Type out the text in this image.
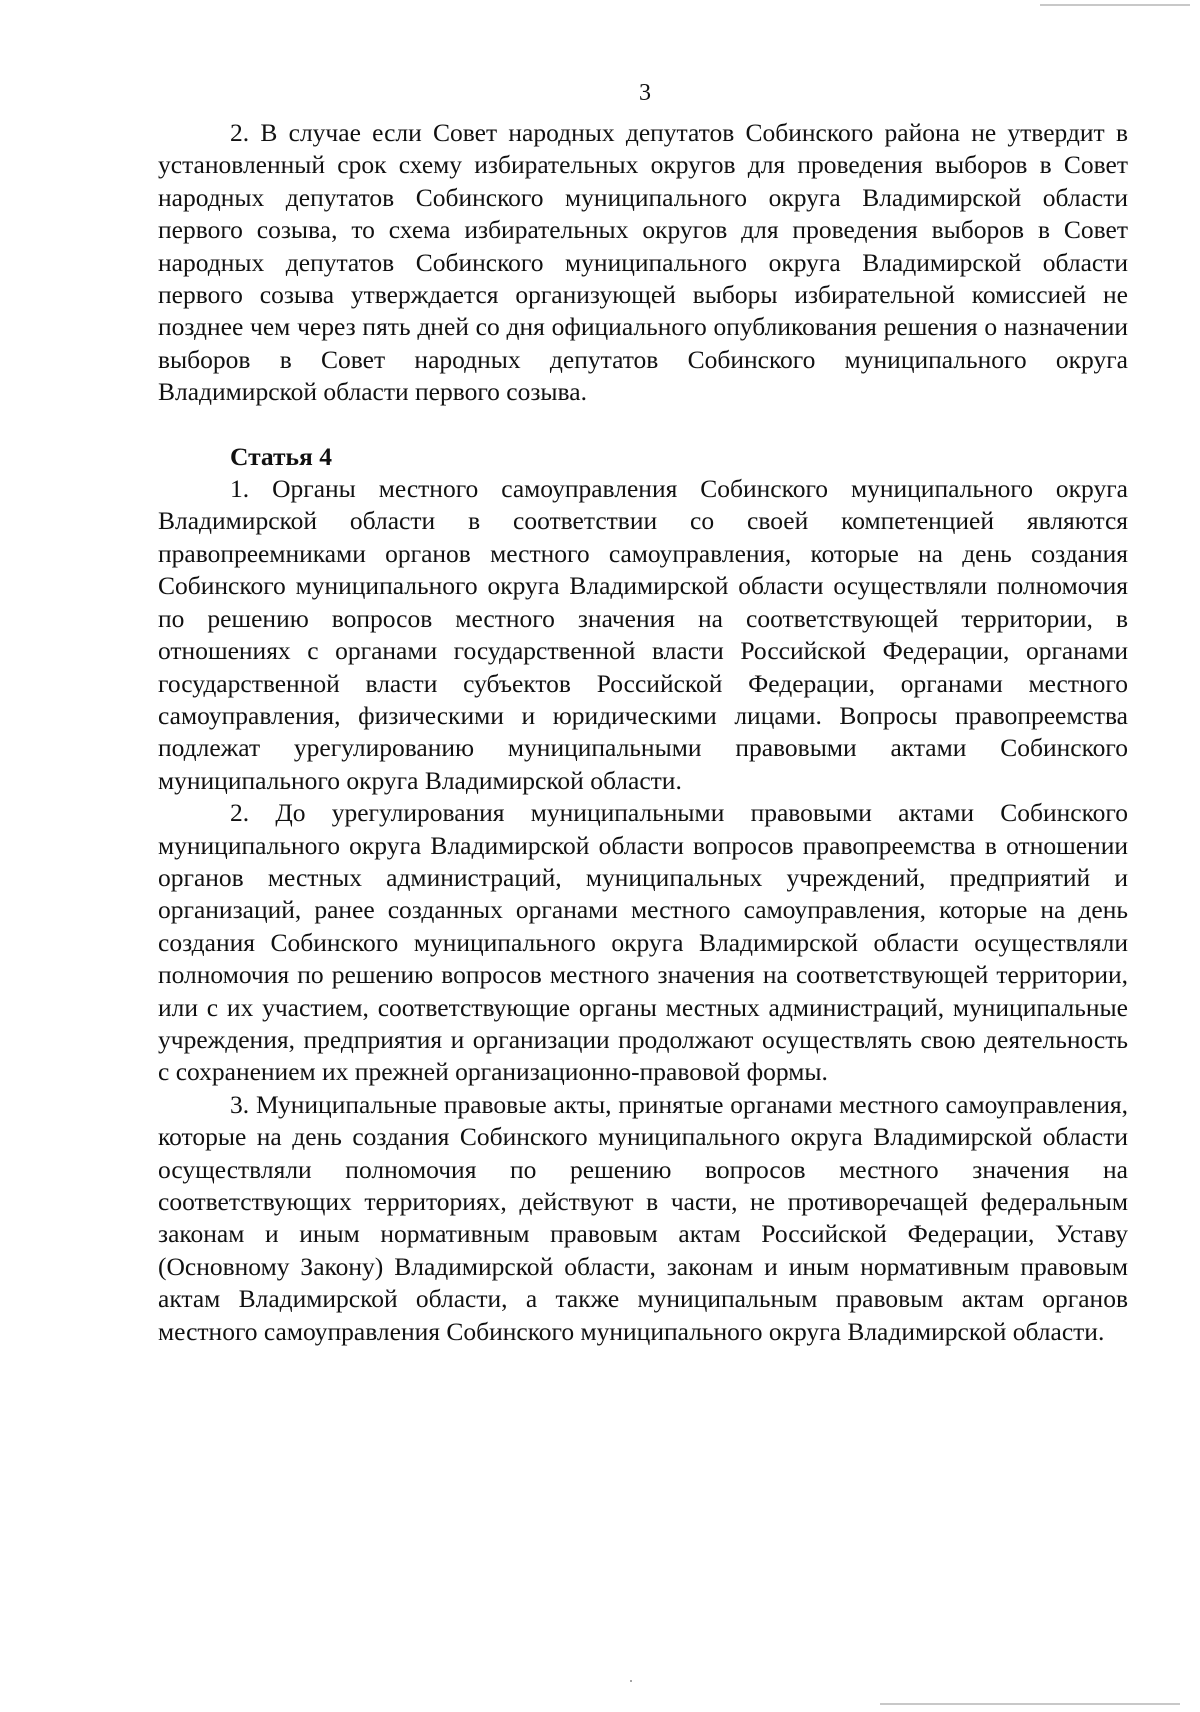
3

2. В случае если Совет народных депутатов Собинского района не утвердит в установленный срок схему избирательных округов для проведения выборов в Совет народных депутатов Собинского муниципального округа Владимирской области первого созыва, то схема избирательных округов для проведения выборов в Совет народных депутатов Собинского муниципального округа Владимирской области первого созыва утверждается организующей выборы избирательной комиссией не позднее чем через пять дней со дня официального опубликования решения о назначении выборов в Совет народных депутатов Собинского муниципального округа Владимирской области первого созыва.

Статья 4

1. Органы местного самоуправления Собинского муниципального округа Владимирской области в соответствии со своей компетенцией являются правопреемниками органов местного самоуправления, которые на день создания Собинского муниципального округа Владимирской области осуществляли полномочия по решению вопросов местного значения на соответствующей территории, в отношениях с органами государственной власти Российской Федерации, органами государственной власти субъектов Российской Федерации, органами местного самоуправления, физическими и юридическими лицами. Вопросы правопреемства подлежат урегулированию муниципальными правовыми актами Собинского муниципального округа Владимирской области.

2. До урегулирования муниципальными правовыми актами Собинского муниципального округа Владимирской области вопросов правопреемства в отношении органов местных администраций, муниципальных учреждений, предприятий и организаций, ранее созданных органами местного самоуправления, которые на день создания Собинского муниципального округа Владимирской области осуществляли полномочия по решению вопросов местного значения на соответствующей территории, или с их участием, соответствующие органы местных администраций, муниципальные учреждения, предприятия и организации продолжают осуществлять свою деятельность с сохранением их прежней организационно-правовой формы.

3. Муниципальные правовые акты, принятые органами местного самоуправления, которые на день создания Собинского муниципального округа Владимирской области осуществляли полномочия по решению вопросов местного значения на соответствующих территориях, действуют в части, не противоречащей федеральным законам и иным нормативным правовым актам Российской Федерации, Уставу (Основному Закону) Владимирской области, законам и иным нормативным правовым актам Владимирской области, а также муниципальным правовым актам органов местного самоуправления Собинского муниципального округа Владимирской области.
